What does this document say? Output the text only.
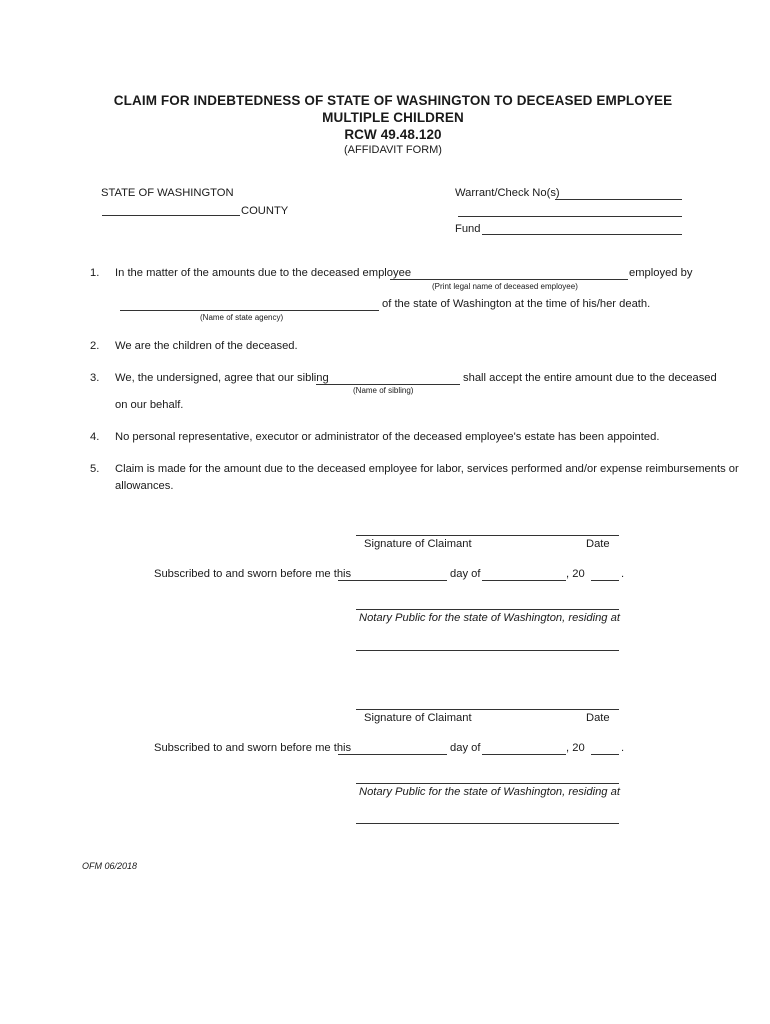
CLAIM FOR INDEBTEDNESS OF STATE OF WASHINGTON TO DECEASED EMPLOYEE
MULTIPLE CHILDREN
RCW 49.48.120
(AFFIDAVIT FORM)
STATE OF WASHINGTON
COUNTY
Warrant/Check No(s)
Fund
1. In the matter of the amounts due to the deceased employee	employed by
(Print legal name of deceased employee)
of the state of Washington at the time of his/her death.
(Name of state agency)
2. We are the children of the deceased.
3. We, the undersigned, agree that our sibling	shall accept the entire amount due to the deceased
(Name of sibling)
on our behalf.
4. No personal representative, executor or administrator of the deceased employee's estate has been appointed.
5. Claim is made for the amount due to the deceased employee for labor, services performed and/or expense reimbursements or
allowances.
Signature of Claimant	Date
Subscribed to and sworn before me this	day of	, 20	.
Notary Public for the state of Washington, residing at
Signature of Claimant	Date
Subscribed to and sworn before me this	day of	, 20	.
Notary Public for the state of Washington, residing at
OFM 06/2018
